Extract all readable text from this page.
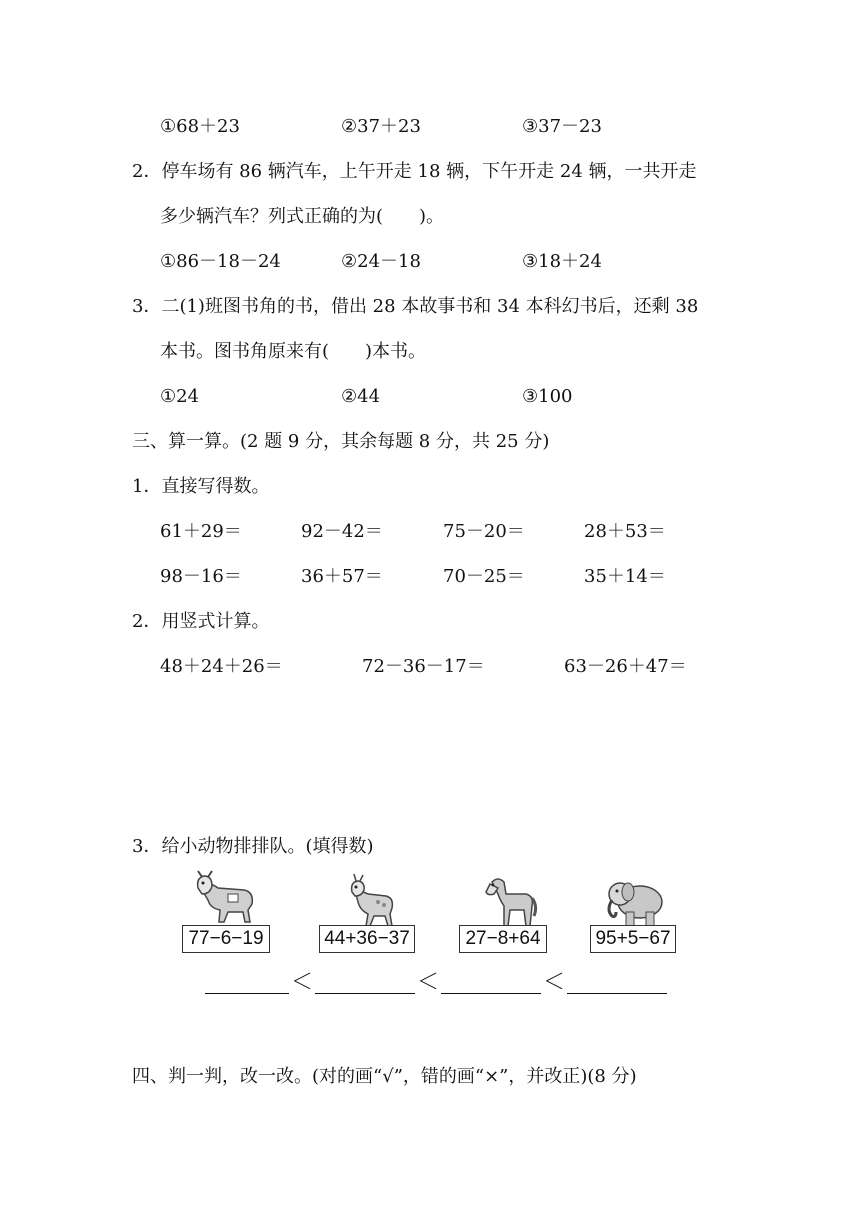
①68＋23	②37＋23	③37－23
2．停车场有 86 辆汽车，上午开走 18 辆，下午开走 24 辆，一共开走
多少辆汽车？列式正确的为(　　)。
①86－18－24	②24－18	③18＋24
3．二(1)班图书角的书，借出 28 本故事书和 34 本科幻书后，还剩 38
本书。图书角原来有(　　)本书。
①24	②44	③100
三、算一算。(2 题 9 分，其余每题 8 分，共 25 分)
1．直接写得数。
61＋29＝	92－42＝	75－20＝	28＋53＝
98－16＝	36＋57＝	70－25＝	35＋14＝
2．用竖式计算。
48＋24＋26＝	72－36－17＝	63－26＋47＝
3．给小动物排排队。(填得数)
77−6−19	44+36−37	27−8+64	95+5−67
＜	＜	＜
四、判一判，改一改。(对的画“√”，错的画“×”，并改正)(8 分)
